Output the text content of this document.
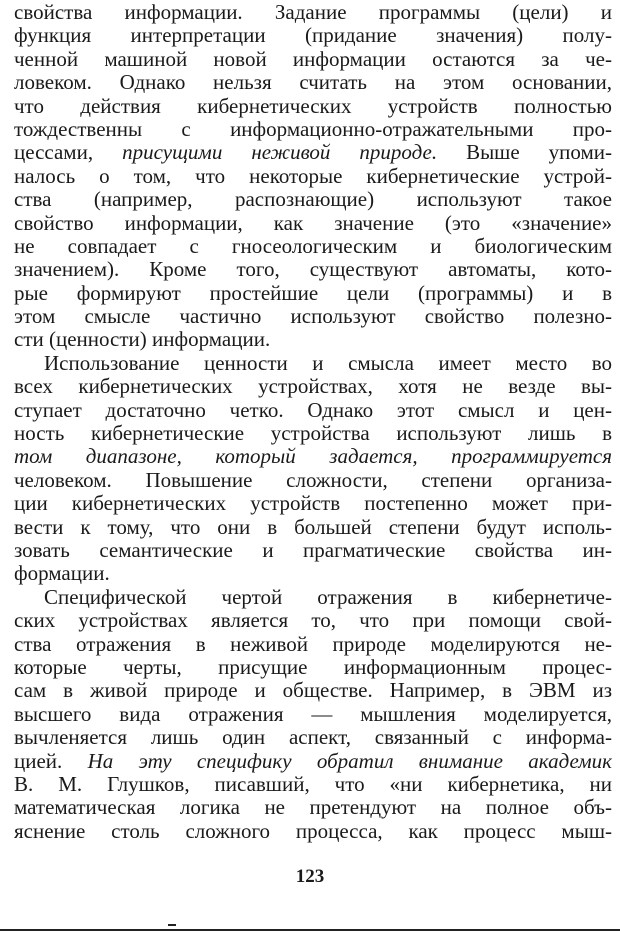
свойства информации. Задание программы (цели) и
функция интерпретации (придание значения) полу-
ченной машиной новой информации остаются за че-
ловеком. Однако нельзя считать на этом основании,
что действия кибернетических устройств полностью
тождественны с информационно-отражательными про-
цессами, присущими неживой природе. Выше упоми-
налось о том, что некоторые кибернетические устрой-
ства (например, распознающие) используют такое
свойство информации, как значение (это «значение»
не совпадает с гносеологическим и биологическим
значением). Кроме того, существуют автоматы, кото-
рые формируют простейшие цели (программы) и в
этом смысле частично используют свойство полезно-
сти (ценности) информации.
Использование ценности и смысла имеет место во
всех кибернетических устройствах, хотя не везде вы-
ступает достаточно четко. Однако этот смысл и цен-
ность кибернетические устройства используют лишь в
том диапазоне, который задается, программируется
человеком. Повышение сложности, степени организа-
ции кибернетических устройств постепенно может при-
вести к тому, что они в большей степени будут исполь-
зовать семантические и прагматические свойства ин-
формации.
Специфической чертой отражения в кибернетиче-
ских устройствах является то, что при помощи свой-
ства отражения в неживой природе моделируются не-
которые черты, присущие информационным процес-
сам в живой природе и обществе. Например, в ЭВМ из
высшего вида отражения — мышления моделируется,
вычленяется лишь один аспект, связанный с информа-
цией. На эту специфику обратил внимание академик
В. М. Глушков, писавший, что «ни кибернетика, ни
математическая логика не претендуют на полное объ-
яснение столь сложного процесса, как процесс мыш-
123
